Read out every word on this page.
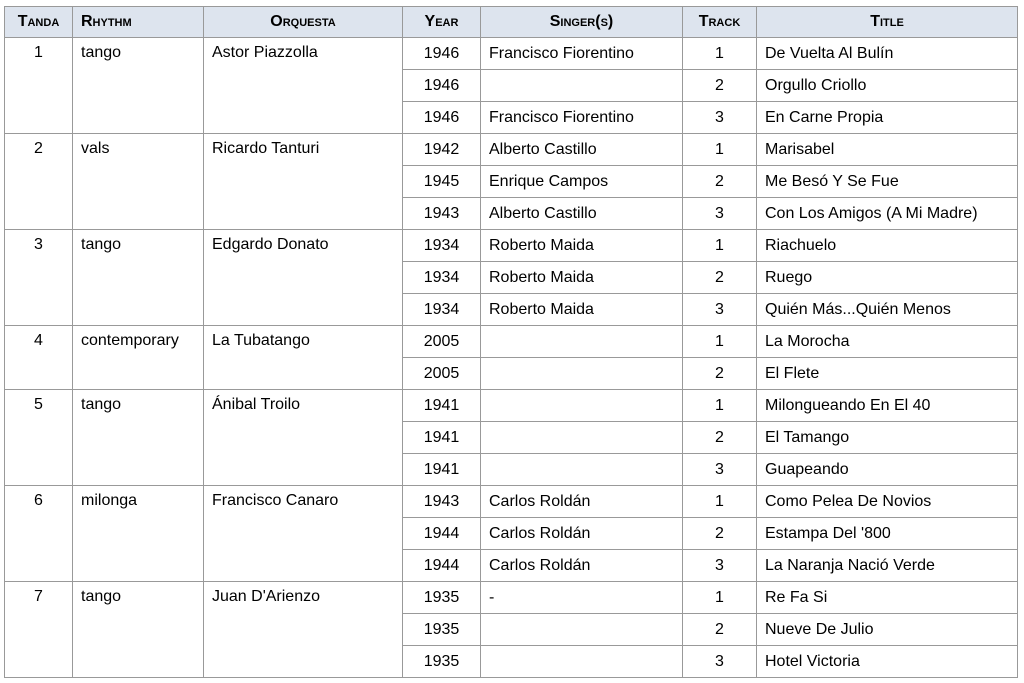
Tanda	Rhythm	Orquesta	Year	Singer(s)	Track	Title
1	tango	Astor Piazzolla	1946	Francisco Fiorentino	1	De Vuelta Al Bulín
			1946		2	Orgullo Criollo
			1946	Francisco Fiorentino	3	En Carne Propia
2	vals	Ricardo Tanturi	1942	Alberto Castillo	1	Marisabel
			1945	Enrique Campos	2	Me Besó Y Se Fue
			1943	Alberto Castillo	3	Con Los Amigos (A Mi Madre)
3	tango	Edgardo Donato	1934	Roberto Maida	1	Riachuelo
			1934	Roberto Maida	2	Ruego
			1934	Roberto Maida	3	Quién Más...Quién Menos
4	contemporary	La Tubatango	2005		1	La Morocha
			2005		2	El Flete
5	tango	Ánibal Troilo	1941		1	Milongueando En El 40
			1941		2	El Tamango
			1941		3	Guapeando
6	milonga	Francisco Canaro	1943	Carlos Roldán	1	Como Pelea De Novios
			1944	Carlos Roldán	2	Estampa Del '800
			1944	Carlos Roldán	3	La Naranja Nació Verde
7	tango	Juan D'Arienzo	1935	-	1	Re Fa Si
			1935		2	Nueve De Julio
			1935		3	Hotel Victoria
